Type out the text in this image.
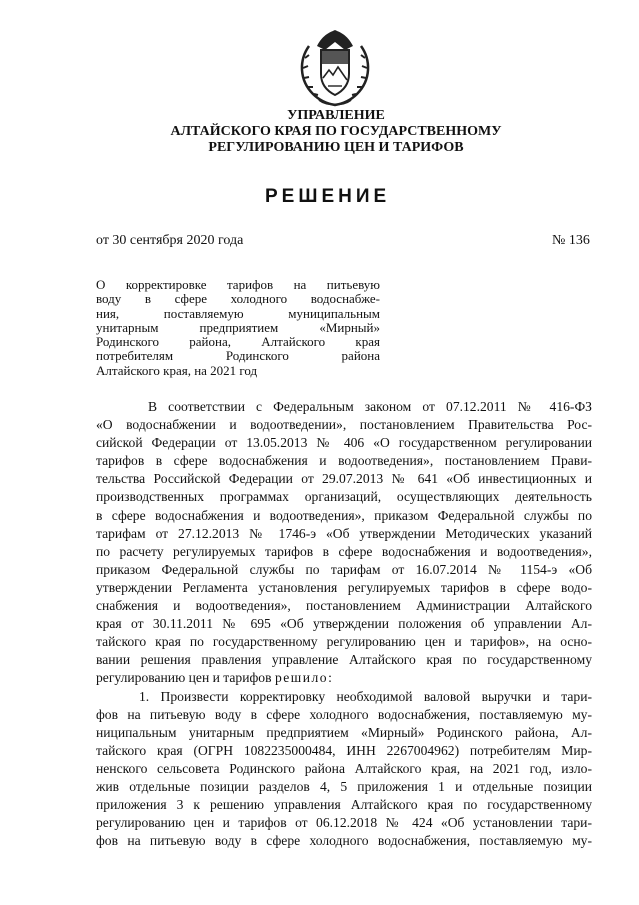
УПРАВЛЕНИЕ
АЛТАЙСКОГО КРАЯ ПО ГОСУДАРСТВЕННОМУ
РЕГУЛИРОВАНИЮ ЦЕН И ТАРИФОВ
РЕШЕНИЕ
от 30 сентября 2020 года	№ 136
О корректировке тарифов на питьевую
воду в сфере холодного водоснабже-
ния, поставляемую муниципальным
унитарным предприятием «Мирный»
Родинского района, Алтайского края
потребителям Родинского района
Алтайского края, на 2021 год
В соответствии с Федеральным законом от 07.12.2011 № 416-ФЗ
«О водоснабжении и водоотведении», постановлением Правительства Рос-
сийской Федерации от 13.05.2013 № 406 «О государственном регулировании
тарифов в сфере водоснабжения и водоотведения», постановлением Прави-
тельства Российской Федерации от 29.07.2013 № 641 «Об инвестиционных и
производственных программах организаций, осуществляющих деятельность
в сфере водоснабжения и водоотведения», приказом Федеральной службы по
тарифам от 27.12.2013 № 1746-э «Об утверждении Методических указаний
по расчету регулируемых тарифов в сфере водоснабжения и водоотведения»,
приказом Федеральной службы по тарифам от 16.07.2014 № 1154-э «Об
утверждении Регламента установления регулируемых тарифов в сфере водо-
снабжения и водоотведения», постановлением Администрации Алтайского
края от 30.11.2011 № 695 «Об утверждении положения об управлении Ал-
тайского края по государственному регулированию цен и тарифов», на осно-
вании решения правления управление Алтайского края по государственному
регулированию цен и тарифов решило:
1. Произвести корректировку необходимой валовой выручки и тари-
фов на питьевую воду в сфере холодного водоснабжения, поставляемую му-
ниципальным унитарным предприятием «Мирный» Родинского района, Ал-
тайского края (ОГРН 1082235000484, ИНН 2267004962) потребителям Мир-
ненского сельсовета Родинского района Алтайского края, на 2021 год, изло-
жив отдельные позиции разделов 4, 5 приложения 1 и отдельные позиции
приложения 3 к решению управления Алтайского края по государственному
регулированию цен и тарифов от 06.12.2018 № 424 «Об установлении тари-
фов на питьевую воду в сфере холодного водоснабжения, поставляемую му-
